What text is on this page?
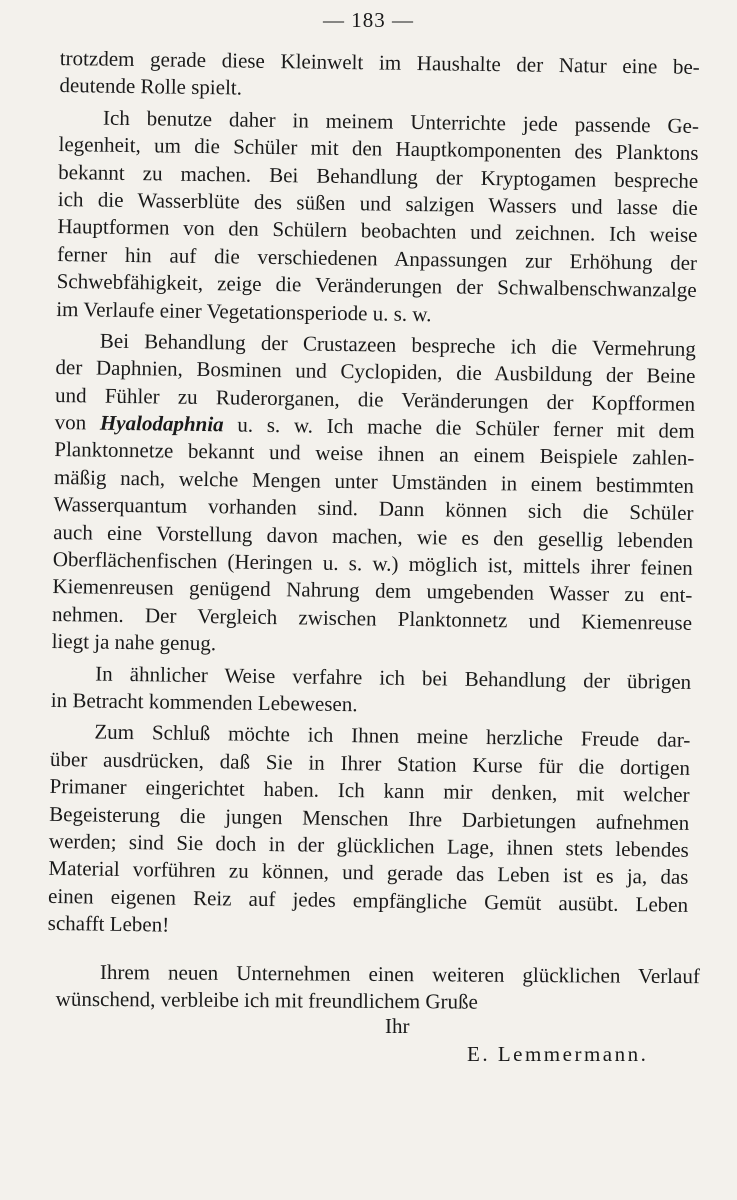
— 183 —
trotzdem gerade diese Kleinwelt im Haushalte der Natur eine be-
deutende Rolle spielt.
Ich benutze daher in meinem Unterrichte jede passende Ge-
legenheit, um die Schüler mit den Hauptkomponenten des Planktons
bekannt zu machen. Bei Behandlung der Kryptogamen bespreche
ich die Wasserblüte des süßen und salzigen Wassers und lasse die
Hauptformen von den Schülern beobachten und zeichnen. Ich weise
ferner hin auf die verschiedenen Anpassungen zur Erhöhung der
Schwebfähigkeit, zeige die Veränderungen der Schwalbenschwanzalge
im Verlaufe einer Vegetationsperiode u. s. w.
Bei Behandlung der Crustazeen bespreche ich die Vermehrung
der Daphnien, Bosminen und Cyclopiden, die Ausbildung der Beine
und Fühler zu Ruderorganen, die Veränderungen der Kopfformen
von Hyalodaphnia u. s. w. Ich mache die Schüler ferner mit dem
Planktonnetze bekannt und weise ihnen an einem Beispiele zahlen-
mäßig nach, welche Mengen unter Umständen in einem bestimmten
Wasserquantum vorhanden sind. Dann können sich die Schüler
auch eine Vorstellung davon machen, wie es den gesellig lebenden
Oberflächenfischen (Heringen u. s. w.) möglich ist, mittels ihrer feinen
Kiemenreusen genügend Nahrung dem umgebenden Wasser zu ent-
nehmen. Der Vergleich zwischen Planktonnetz und Kiemenreuse
liegt ja nahe genug.
In ähnlicher Weise verfahre ich bei Behandlung der übrigen
in Betracht kommenden Lebewesen.
Zum Schluß möchte ich Ihnen meine herzliche Freude dar-
über ausdrücken, daß Sie in Ihrer Station Kurse für die dortigen
Primaner eingerichtet haben. Ich kann mir denken, mit welcher
Begeisterung die jungen Menschen Ihre Darbietungen aufnehmen
werden; sind Sie doch in der glücklichen Lage, ihnen stets lebendes
Material vorführen zu können, und gerade das Leben ist es ja, das
einen eigenen Reiz auf jedes empfängliche Gemüt ausübt. Leben
schafft Leben!
Ihrem neuen Unternehmen einen weiteren glücklichen Verlauf
wünschend, verbleibe ich mit freundlichem Gruße
Ihr
E. Lemmermann.
